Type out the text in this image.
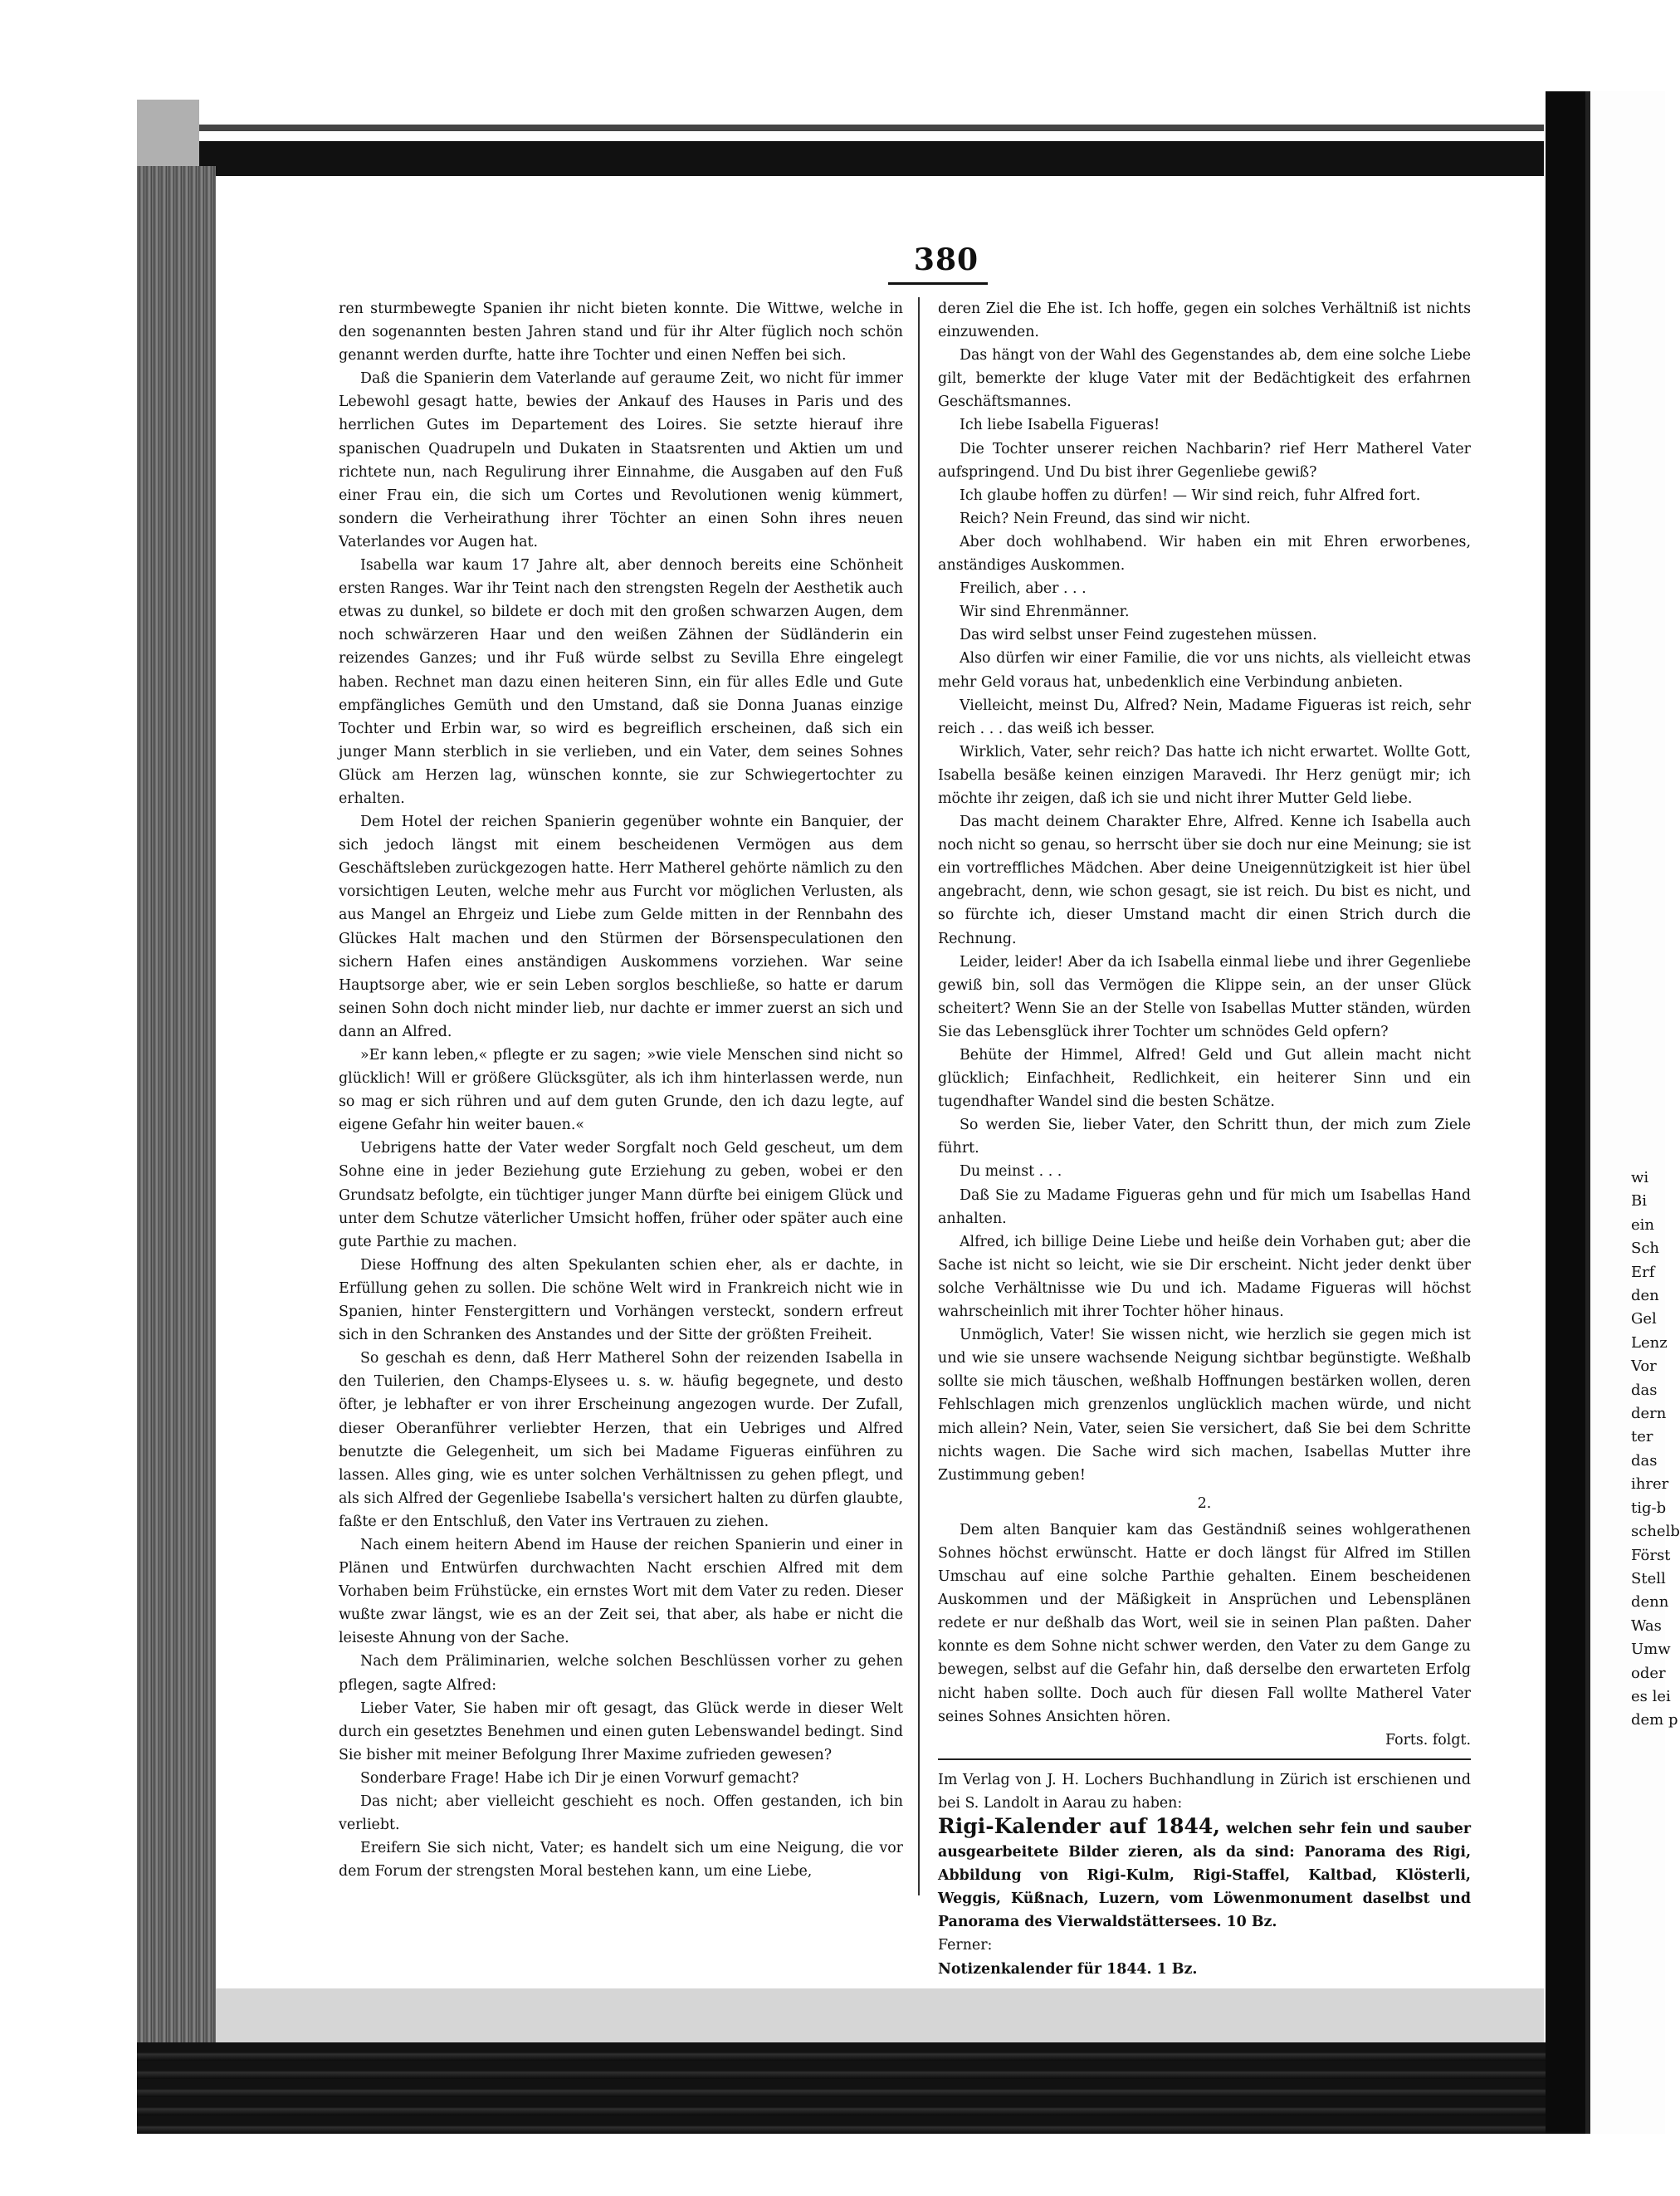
380

ren sturmbewegte Spanien ihr nicht bieten konnte. Die Wittwe, welche in den sogenannten besten Jahren stand und für ihr Alter füglich noch schön genannt werden durfte, hatte ihre Tochter und einen Neffen bei sich.

Daß die Spanierin dem Vaterlande auf geraume Zeit, wo nicht für immer Lebewohl gesagt hatte, bewies der Ankauf des Hauses in Paris und des herrlichen Gutes im Departement des Loires. Sie setzte hierauf ihre spanischen Quadrupeln und Dukaten in Staatsrenten und Aktien um und richtete nun, nach Regulirung ihrer Einnahme, die Ausgaben auf den Fuß einer Frau ein, die sich um Cortes und Revolutionen wenig kümmert, sondern die Verheirathung ihrer Töchter an einen Sohn ihres neuen Vaterlandes vor Augen hat.

Isabella war kaum 17 Jahre alt, aber dennoch bereits eine Schönheit ersten Ranges. War ihr Teint nach den strengsten Regeln der Aesthetik auch etwas zu dunkel, so bildete er doch mit den großen schwarzen Augen, dem noch schwärzeren Haar und den weißen Zähnen der Südländerin ein reizendes Ganzes; und ihr Fuß würde selbst zu Sevilla Ehre eingelegt haben. Rechnet man dazu einen heiteren Sinn, ein für alles Edle und Gute empfängliches Gemüth und den Umstand, daß sie Donna Juanas einzige Tochter und Erbin war, so wird es begreiflich erscheinen, daß sich ein junger Mann sterblich in sie verlieben, und ein Vater, dem seines Sohnes Glück am Herzen lag, wünschen konnte, sie zur Schwiegertochter zu erhalten.

Dem Hotel der reichen Spanierin gegenüber wohnte ein Banquier, der sich jedoch längst mit einem bescheidenen Vermögen aus dem Geschäftsleben zurückgezogen hatte. Herr Matherel gehörte nämlich zu den vorsichtigen Leuten, welche mehr aus Furcht vor möglichen Verlusten, als aus Mangel an Ehrgeiz und Liebe zum Gelde mitten in der Rennbahn des Glückes Halt machen und den Stürmen der Börsenspeculationen den sichern Hafen eines anständigen Auskommens vorziehen. War seine Hauptsorge aber, wie er sein Leben sorglos beschließe, so hatte er darum seinen Sohn doch nicht minder lieb, nur dachte er immer zuerst an sich und dann an Alfred.

»Er kann leben,« pflegte er zu sagen; »wie viele Menschen sind nicht so glücklich! Will er größere Glücksgüter, als ich ihm hinterlassen werde, nun so mag er sich rühren und auf dem guten Grunde, den ich dazu legte, auf eigene Gefahr hin weiter bauen.«

Uebrigens hatte der Vater weder Sorgfalt noch Geld gescheut, um dem Sohne eine in jeder Beziehung gute Erziehung zu geben, wobei er den Grundsatz befolgte, ein tüchtiger junger Mann dürfte bei einigem Glück und unter dem Schutze väterlicher Umsicht hoffen, früher oder später auch eine gute Parthie zu machen.

Diese Hoffnung des alten Spekulanten schien eher, als er dachte, in Erfüllung gehen zu sollen. Die schöne Welt wird in Frankreich nicht wie in Spanien, hinter Fenstergittern und Vorhängen versteckt, sondern erfreut sich in den Schranken des Anstandes und der Sitte der größten Freiheit.

So geschah es denn, daß Herr Matherel Sohn der reizenden Isabella in den Tuilerien, den Champs-Elysees u. s. w. häufig begegnete, und desto öfter, je lebhafter er von ihrer Erscheinung angezogen wurde. Der Zufall, dieser Oberanführer verliebter Herzen, that ein Uebriges und Alfred benutzte die Gelegenheit, um sich bei Madame Figueras einführen zu lassen. Alles ging, wie es unter solchen Verhältnissen zu gehen pflegt, und als sich Alfred der Gegenliebe Isabella's versichert halten zu dürfen glaubte, faßte er den Entschluß, den Vater ins Vertrauen zu ziehen.

Nach einem heitern Abend im Hause der reichen Spanierin und einer in Plänen und Entwürfen durchwachten Nacht erschien Alfred mit dem Vorhaben beim Frühstücke, ein ernstes Wort mit dem Vater zu reden. Dieser wußte zwar längst, wie es an der Zeit sei, that aber, als habe er nicht die leiseste Ahnung von der Sache.

Nach dem Präliminarien, welche solchen Beschlüssen vorher zu gehen pflegen, sagte Alfred:

Lieber Vater, Sie haben mir oft gesagt, das Glück werde in dieser Welt durch ein gesetztes Benehmen und einen guten Lebenswandel bedingt. Sind Sie bisher mit meiner Befolgung Ihrer Maxime zufrieden gewesen?

Sonderbare Frage! Habe ich Dir je einen Vorwurf gemacht?

Das nicht; aber vielleicht geschieht es noch. Offen gestanden, ich bin verliebt.

Ereifern Sie sich nicht, Vater; es handelt sich um eine Neigung, die vor dem Forum der strengsten Moral bestehen kann, um eine Liebe,

deren Ziel die Ehe ist. Ich hoffe, gegen ein solches Verhältniß ist nichts einzuwenden.

Das hängt von der Wahl des Gegenstandes ab, dem eine solche Liebe gilt, bemerkte der kluge Vater mit der Bedächtigkeit des erfahrnen Geschäftsmannes.

Ich liebe Isabella Figueras!

Die Tochter unserer reichen Nachbarin? rief Herr Matherel Vater aufspringend. Und Du bist ihrer Gegenliebe gewiß?

Ich glaube hoffen zu dürfen! — Wir sind reich, fuhr Alfred fort.

Reich? Nein Freund, das sind wir nicht.

Aber doch wohlhabend. Wir haben ein mit Ehren erworbenes, anständiges Auskommen.

Freilich, aber . . .

Wir sind Ehrenmänner.

Das wird selbst unser Feind zugestehen müssen.

Also dürfen wir einer Familie, die vor uns nichts, als vielleicht etwas mehr Geld voraus hat, unbedenklich eine Verbindung anbieten.

Vielleicht, meinst Du, Alfred? Nein, Madame Figueras ist reich, sehr reich . . . das weiß ich besser.

Wirklich, Vater, sehr reich? Das hatte ich nicht erwartet. Wollte Gott, Isabella besäße keinen einzigen Maravedi. Ihr Herz genügt mir; ich möchte ihr zeigen, daß ich sie und nicht ihrer Mutter Geld liebe.

Das macht deinem Charakter Ehre, Alfred. Kenne ich Isabella auch noch nicht so genau, so herrscht über sie doch nur eine Meinung; sie ist ein vortreffliches Mädchen. Aber deine Uneigennützigkeit ist hier übel angebracht, denn, wie schon gesagt, sie ist reich. Du bist es nicht, und so fürchte ich, dieser Umstand macht dir einen Strich durch die Rechnung.

Leider, leider! Aber da ich Isabella einmal liebe und ihrer Gegenliebe gewiß bin, soll das Vermögen die Klippe sein, an der unser Glück scheitert? Wenn Sie an der Stelle von Isabellas Mutter ständen, würden Sie das Lebensglück ihrer Tochter um schnödes Geld opfern?

Behüte der Himmel, Alfred! Geld und Gut allein macht nicht glücklich; Einfachheit, Redlichkeit, ein heiterer Sinn und ein tugendhafter Wandel sind die besten Schätze.

So werden Sie, lieber Vater, den Schritt thun, der mich zum Ziele führt.

Du meinst . . .

Daß Sie zu Madame Figueras gehn und für mich um Isabellas Hand anhalten.

Alfred, ich billige Deine Liebe und heiße dein Vorhaben gut; aber die Sache ist nicht so leicht, wie sie Dir erscheint. Nicht jeder denkt über solche Verhältnisse wie Du und ich. Madame Figueras will höchst wahrscheinlich mit ihrer Tochter höher hinaus.

Unmöglich, Vater! Sie wissen nicht, wie herzlich sie gegen mich ist und wie sie unsere wachsende Neigung sichtbar begünstigte. Weßhalb sollte sie mich täuschen, weßhalb Hoffnungen bestärken wollen, deren Fehlschlagen mich grenzenlos unglücklich machen würde, und nicht mich allein? Nein, Vater, seien Sie versichert, daß Sie bei dem Schritte nichts wagen. Die Sache wird sich machen, Isabellas Mutter ihre Zustimmung geben!

2.

Dem alten Banquier kam das Geständniß seines wohlgerathenen Sohnes höchst erwünscht. Hatte er doch längst für Alfred im Stillen Umschau auf eine solche Parthie gehalten. Einem bescheidenen Auskommen und der Mäßigkeit in Ansprüchen und Lebensplänen redete er nur deßhalb das Wort, weil sie in seinen Plan paßten. Daher konnte es dem Sohne nicht schwer werden, den Vater zu dem Gange zu bewegen, selbst auf die Gefahr hin, daß derselbe den erwarteten Erfolg nicht haben sollte. Doch auch für diesen Fall wollte Matherel Vater seines Sohnes Ansichten hören.
Forts. folgt.

Im Verlag von J. H. Lochers Buchhandlung in Zürich ist erschienen und bei S. Landolt in Aarau zu haben:

Rigi-Kalender auf 1844, welchen sehr fein und sauber ausgearbeitete Bilder zieren, als da sind: Panorama des Rigi, Abbildung von Rigi-Kulm, Rigi-Staffel, Kaltbad, Klösterli, Weggis, Küßnach, Luzern, vom Löwenmonument daselbst und Panorama des Vierwaldstättersees. 10 Bz.

Ferner:

Notizenkalender für 1844. 1 Bz.

wi
Bi
ein
Sch
Erf
den
Gel
Lenz
Vor
das
dern
ter
das
ihrer
tig-b
schelb
Först
Stell
denn
Was
Umw
oder
es lei
dem p
